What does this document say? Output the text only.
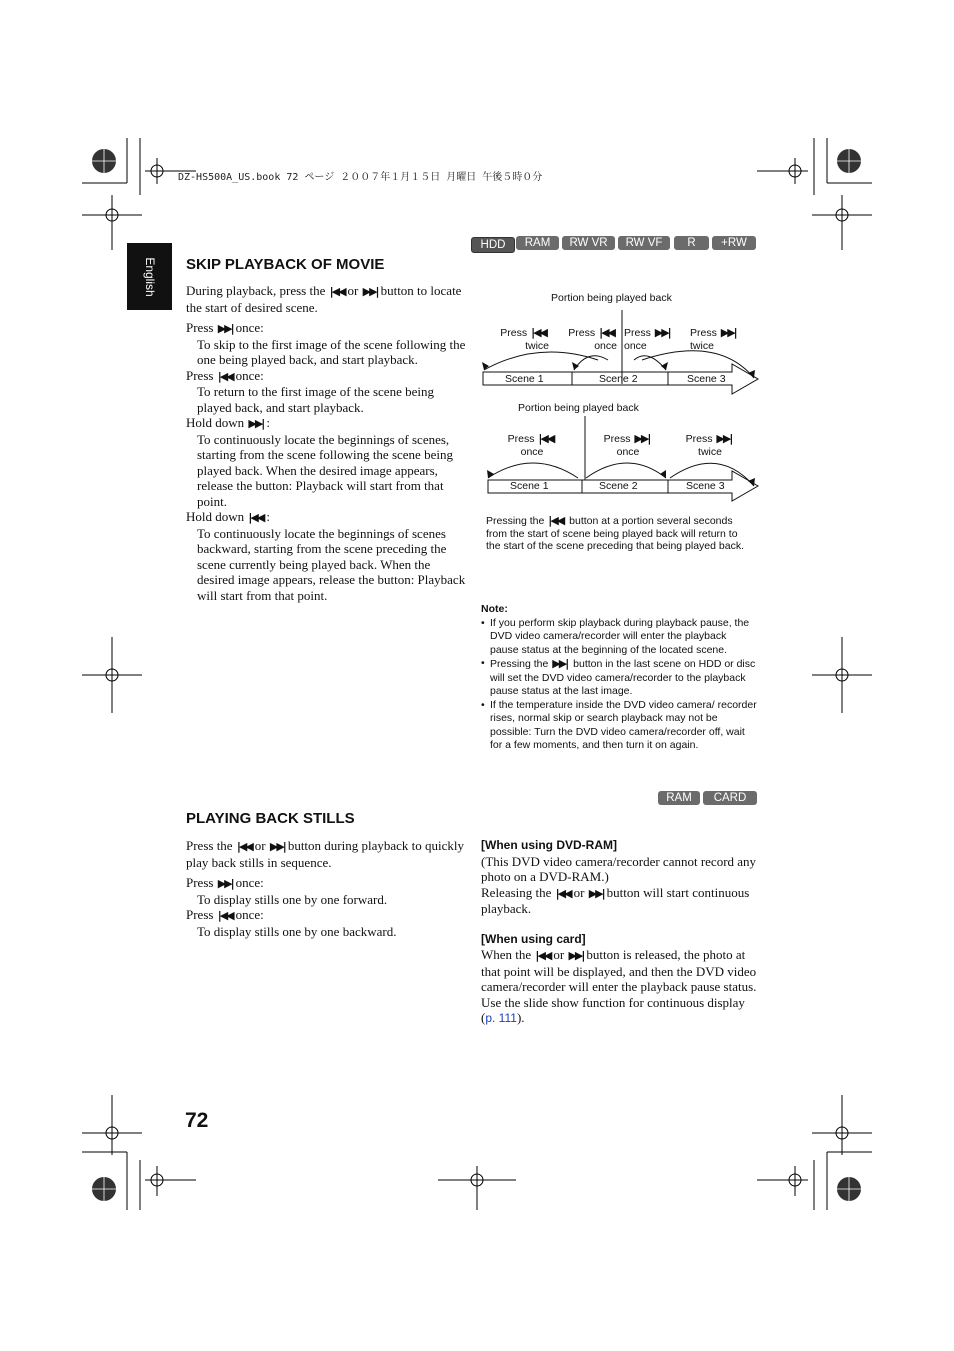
DZ-HS500A_US.book 72 ページ ２００７年１月１５日 月曜日 午後５時０分
English
HDD	RAM	RW VR	RW VF	R	+RW
SKIP PLAYBACK OF MOVIE
During playback, press the |◀◀ or ▶▶| button to locate the start of desired scene.
Press ▶▶| once:
To skip to the first image of the scene following the one being played back, and start playback.
Press |◀◀ once:
To return to the first image of the scene being played back, and start playback.
Hold down ▶▶| :
To continuously locate the beginnings of scenes, starting from the scene following the scene being played back. When the desired image appears, release the button: Playback will start from that point.
Hold down |◀◀ :
To continuously locate the beginnings of scenes backward, starting from the scene preceding the scene currently being played back. When the desired image appears, release the button: Playback will start from that point.
Portion being played back
Press |◀◀
twice
Press |◀◀
once
Press ▶▶|
once
Press ▶▶|
twice
Scene 1	Scene 2	Scene 3
Portion being played back
Press |◀◀
once
Press ▶▶|
once
Press ▶▶|
twice
Scene 1	Scene 2	Scene 3
Pressing the |◀◀ button at a portion several seconds from the start of scene being played back will return to the start of the scene preceding that being played back.
Note:
• If you perform skip playback during playback pause, the DVD video camera/recorder will enter the playback pause status at the beginning of the located scene.
• Pressing the ▶▶| button in the last scene on HDD or disc will set the DVD video camera/recorder to the playback pause status at the last image.
• If the temperature inside the DVD video camera/ recorder rises, normal skip or search playback may not be possible: Turn the DVD video camera/recorder off, wait for a few moments, and then turn it on again.
RAM	CARD
PLAYING BACK STILLS
Press the |◀◀ or ▶▶| button during playback to quickly play back stills in sequence.
Press ▶▶| once:
To display stills one by one forward.
Press |◀◀ once:
To display stills one by one backward.
[When using DVD-RAM]
(This DVD video camera/recorder cannot record any photo on a DVD-RAM.)
Releasing the |◀◀ or ▶▶| button will start continuous playback.
[When using card]
When the |◀◀ or ▶▶| button is released, the photo at that point will be displayed, and then the DVD video camera/recorder will enter the playback pause status.
Use the slide show function for continuous display (p. 111).
72
